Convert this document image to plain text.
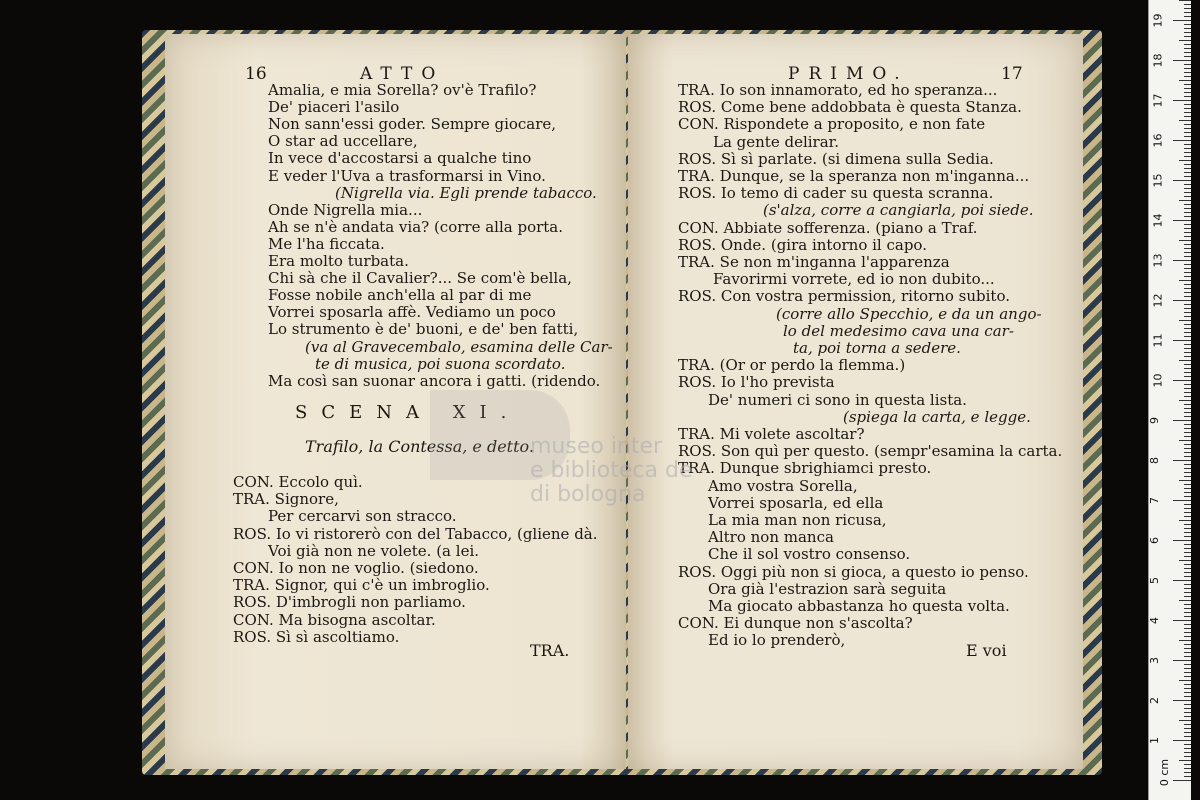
16	ATTO
Amalia, e mia Sorella? ov'è Trafilo?
De' piaceri l'asilo
Non sann'essi goder. Sempre giocare,
O star ad uccellare,
In vece d'accostarsi a qualche tino
E veder l'Uva a trasformarsi in Vino.
(Nigrella via. Egli prende tabacco.
Onde Nigrella mia...
Ah se n'è andata via? (corre alla porta.
Me l'ha ficcata.
Era molto turbata.
Chi sà che il Cavalier?... Se com'è bella,
Fosse nobile anch'ella al par di me
Vorrei sposarla affè. Vediamo un poco
Lo strumento è de' buoni, e de' ben fatti,
(va al Gravecembalo, esamina delle Car-
te di musica, poi suona scordato.
Ma così san suonar ancora i gatti. (ridendo.
SCENA XI.
Trafilo, la Contessa, e detto.
CON. Eccolo quì.
TRA. Signore,
Per cercarvi son stracco.
ROS. Io vi ristorerò con del Tabacco, (gliene dà.
Voi già non ne volete. (a lei.
CON. Io non ne voglio. (siedono.
TRA. Signor, qui c'è un imbroglio.
ROS. D'imbrogli non parliamo.
CON. Ma bisogna ascoltar.
ROS. Sì sì ascoltiamo.
TRA.
PRIMO.	17
TRA. Io son innamorato, ed ho speranza...
ROS. Come bene addobbata è questa Stanza.
CON. Rispondete a proposito, e non fate
La gente delirar.
ROS. Sì sì parlate. (si dimena sulla Sedia.
TRA. Dunque, se la speranza non m'inganna...
ROS. Io temo di cader su questa scranna.
(s'alza, corre a cangiarla, poi siede.
CON. Abbiate sofferenza. (piano a Traf.
ROS. Onde. (gira intorno il capo.
TRA. Se non m'inganna l'apparenza
Favorirmi vorrete, ed io non dubito...
ROS. Con vostra permission, ritorno subito.
(corre allo Specchio, e da un ango-
lo del medesimo cava una car-
ta, poi torna a sedere.
TRA. (Or or perdo la flemma.)
ROS. Io l'ho prevista
De' numeri ci sono in questa lista.
(spiega la carta, e legge.
TRA. Mi volete ascoltar?
ROS. Son quì per questo. (sempr'esamina la carta.
TRA. Dunque sbrighiamci presto.
Amo vostra Sorella,
Vorrei sposarla, ed ella
La mia man non ricusa,
Altro non manca
Che il sol vostro consenso.
ROS. Oggi più non si gioca, a questo io penso.
Ora già l'estrazion sarà seguita
Ma giocato abbastanza ho questa volta.
CON. Ei dunque non s'ascolta?
Ed io lo prenderò,
E voi
museo inter
e biblioteca de
di bologna
0 cm
1
2
3
4
5
6
7
8
9
10
11
12
13
14
15
16
17
18
19
